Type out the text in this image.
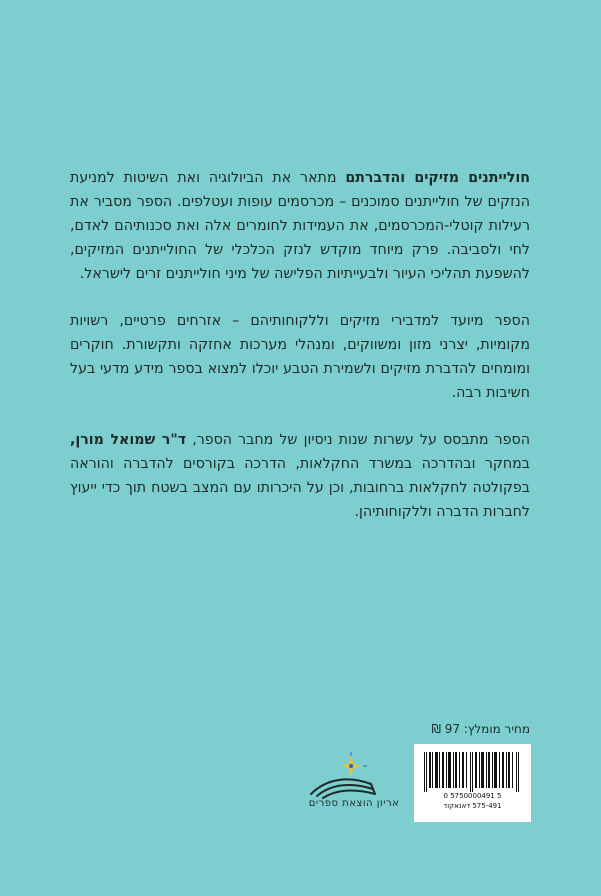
חולייתנים מזיקים והדברתם מתאר את הביולוגיה ואת השיטות למניעת הנזקים של חולייתנים סמוכנים – מכרסמים עופות ועטלפים. הספר מסביר את רעילות קוטלי-המכרסמים, את העמידות לחומרים אלה ואת סכנותיהם לאדם, לחי ולסביבה. פרק מיוחד מוקדש לנזק הכלכלי של החולייתנים המזיקים, להשפעת תהליכי העיור ולבעייתיות הפלישה של מיני חולייתנים זרים לישראל.

הספר מיועד למדבירי מזיקים וללקוחותיהם – אזרחים פרטיים, רשויות מקומיות, יצרני מזון ומשווקים, ומנהלי מערכות אחזקה ותקשורת. חוקרים ומומחים להדברת מזיקים ולשמירת הטבע יוכלו למצוא בספר מידע מדעי בעל חשיבות רבה.

הספר מתבסס על עשרות שנות ניסיון של מחבר הספר, ד"ר שמואל מורן, במחקר ובהדרכה במשרד החקלאות, הדרכה בקורסים להדברה והוראה בפקולטה לחקלאות ברחובות, וכן על היכרותו עם המצב בשטח תוך כדי ייעוץ לחברות הדברה וללקוחותיהן.

מחיר מומלץ: 97 ₪
אריון הוצאת ספרים
0 5750000491 5
575-491 דאנאקוד
